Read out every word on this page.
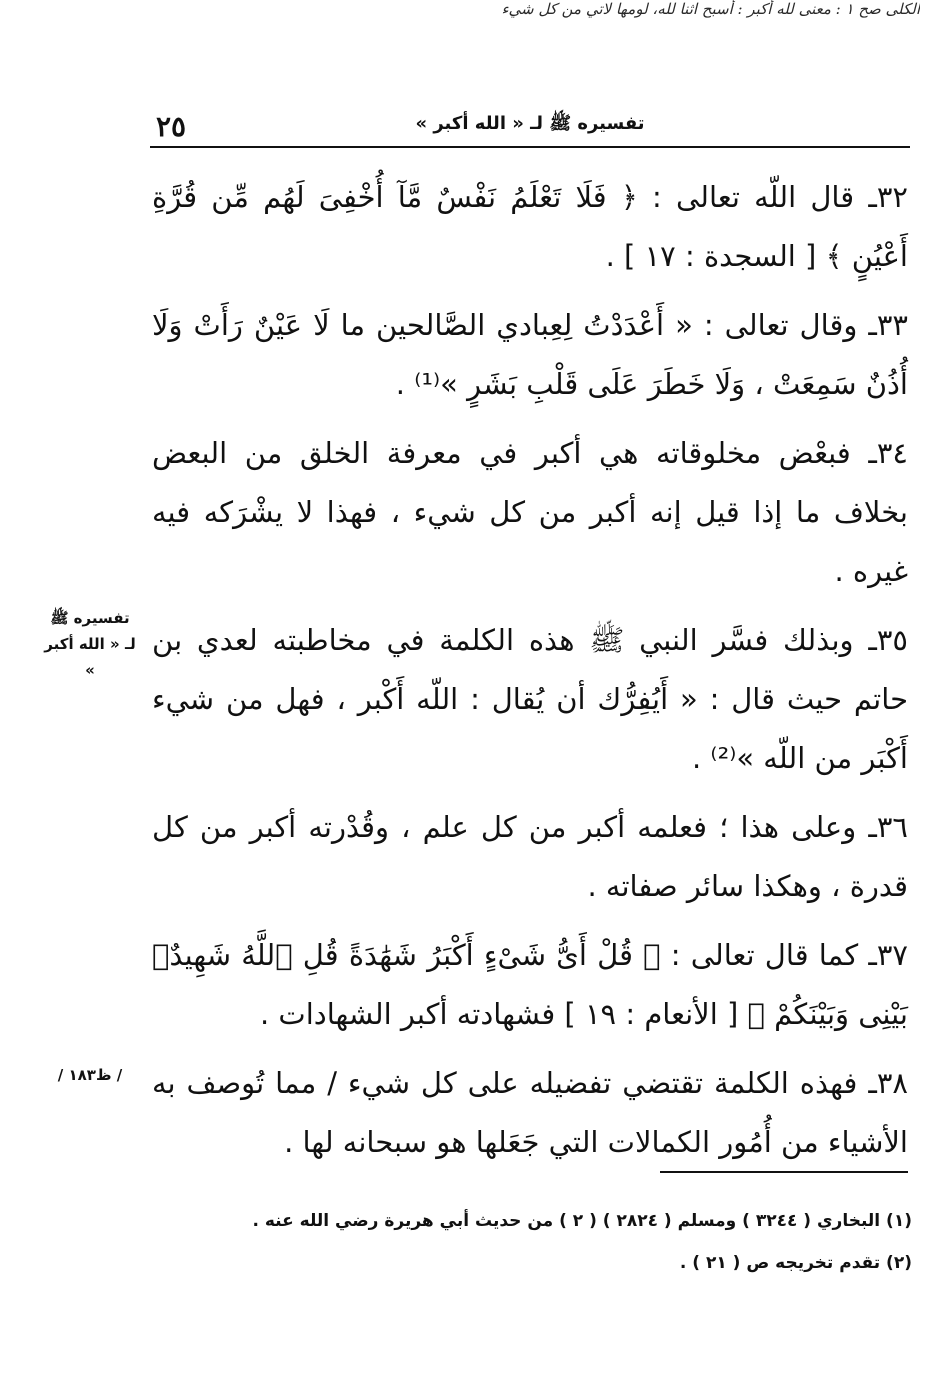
الكلى صح ١ : معنى لله أكبر : أسبح اثنا لله، لومها لاتي من كل شيء
٢٥	تفسيره ﷺ لـ « الله أكبر »

٣٢ـ قال اللّه تعالى : ﴿ فَلَا تَعْلَمُ نَفْسٌ مَّآ أُخْفِىَ لَهُم مِّن قُرَّةِ أَعْيُنٍ ﴾ [ السجدة : ١٧ ] .

٣٣ـ وقال تعالى : « أَعْدَدْتُ لِعِبادي الصَّالحين ما لَا عَيْنٌ رَأَتْ وَلَا أُذُنٌ سَمِعَتْ ، وَلَا خَطَرَ عَلَى قَلْبِ بَشَرٍ »⁽¹⁾ .

٣٤ـ فبعْض مخلوقاته هي أكبر في معرفة الخلق من البعض بخلاف ما إذا قيل إنه أكبر من كل شيء ، فهذا لا يشْرَكه فيه غيره .

٣٥ـ وبذلك فسَّر النبي ﷺ هذه الكلمة في مخاطبته لعدي بن حاتم حيث قال : « أَيُفِرُّك أن يُقال : اللّه أَكْبر ، فهل من شيء أَكْبَر من اللّه »⁽²⁾ .

٣٦ـ وعلى هذا ؛ فعلمه أكبر من كل علم ، وقُدْرته أكبر من كل قدرة ، وهكذا سائر صفاته .

٣٧ـ كما قال تعالى : ﴿ قُلْ أَىُّ شَىْءٍ أَكْبَرُ شَهَٰدَةً قُلِ ٱللَّهُ شَهِيدٌۢ بَيْنِى وَبَيْنَكُمْ ﴾ [ الأنعام : ١٩ ] فشهادته أكبر الشهادات .

٣٨ـ فهذه الكلمة تقتضي تفضيله على كل شيء / مما تُوصف به الأشياء من أُمُور الكمالات التي جَعَلها هو سبحانه لها .

تفسيره ﷺ
لـ « الله أكبر »
/ ظ١٨٣ /

(١) البخاري ( ٣٢٤٤ ) ومسلم ( ٢٨٢٤ ) ( ٢ ) من حديث أبي هريرة رضي الله عنه .

(٢) تقدم تخريجه ص ( ٢١ ) .
